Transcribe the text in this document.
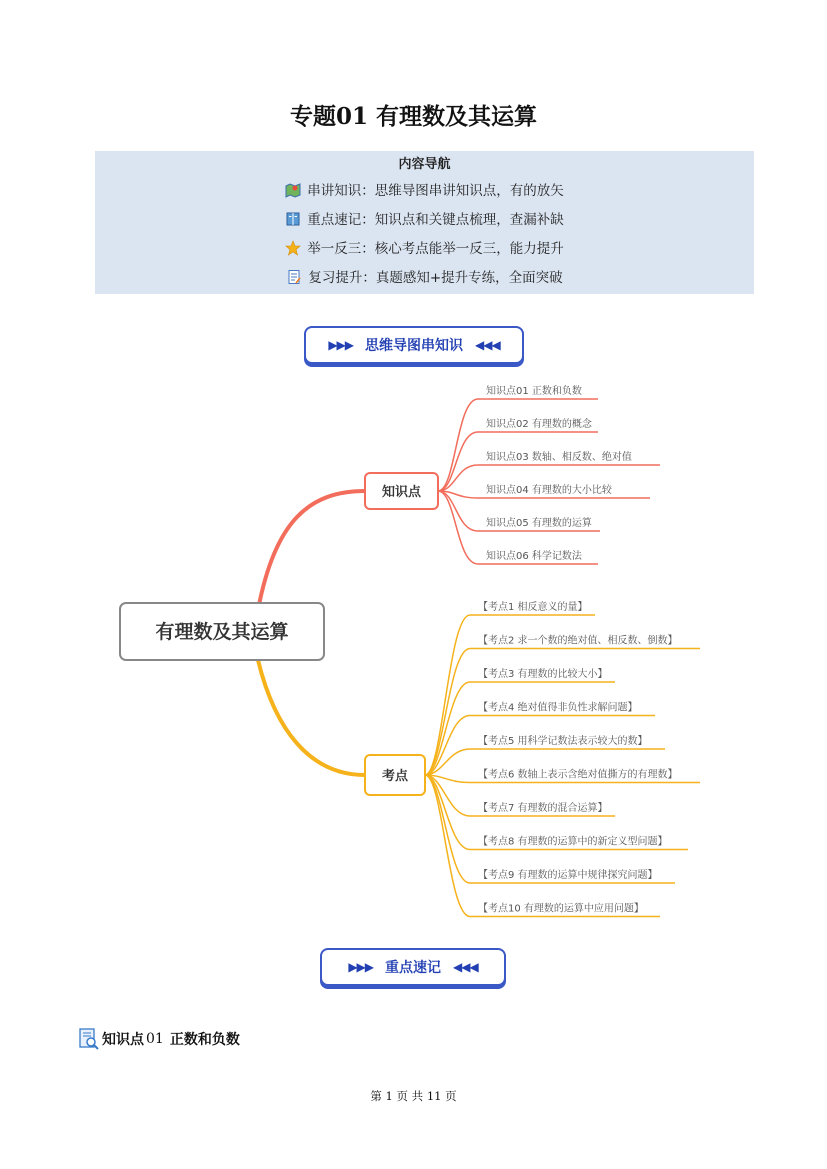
专题01 有理数及其运算
内容导航
串讲知识：思维导图串讲知识点，有的放矢
重点速记：知识点和关键点梳理，查漏补缺
举一反三：核心考点能举一反三，能力提升
复习提升：真题感知+提升专练，全面突破
▶▶▶ 思维导图串知识 ◀◀◀
有理数及其运算
知识点
知识点01 正数和负数
知识点02 有理数的概念
知识点03 数轴、相反数、绝对值
知识点04 有理数的大小比较
知识点05 有理数的运算
知识点06 科学记数法
考点
【考点1 相反意义的量】
【考点2 求一个数的绝对值、相反数、倒数】
【考点3 有理数的比较大小】
【考点4 绝对值得非负性求解问题】
【考点5 用科学记数法表示较大的数】
【考点6 数轴上表示含绝对值撕方的有理数】
【考点7 有理数的混合运算】
【考点8 有理数的运算中的新定义型问题】
【考点9 有理数的运算中规律探究问题】
【考点10 有理数的运算中应用问题】
▶▶▶ 重点速记 ◀◀◀
知识点 01 正数和负数
第 1 页 共 11 页
